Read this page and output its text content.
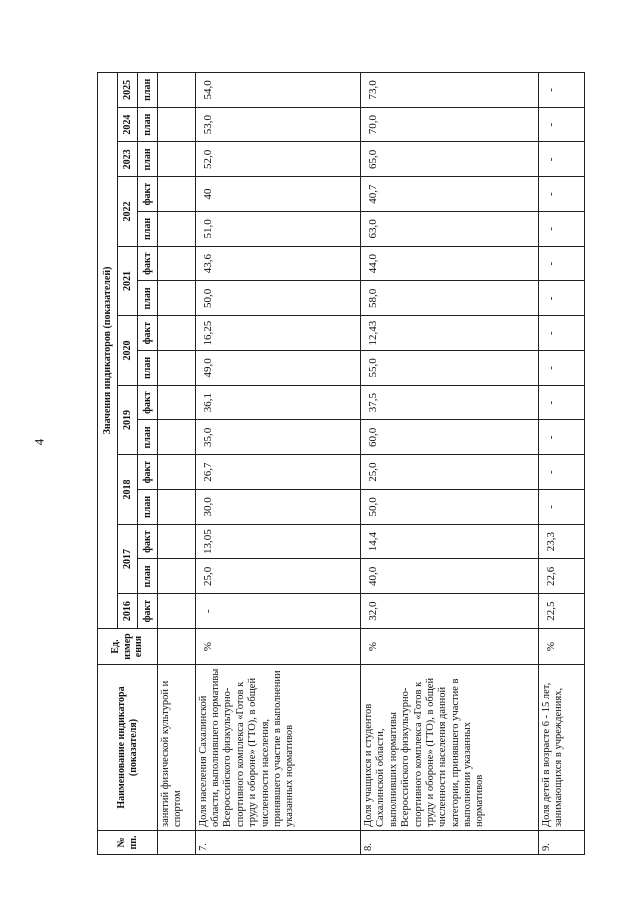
4
№ пп.	Наименование индикатора (показателя)	Ед. измер ения	Значения индикаторов (показателей)															
			2016	2017		2018		2019		2020		2021		2022		2023	2024	2025
			факт	план	факт	план	факт	план	факт	план	факт	план	факт	план	факт	план	план	план
	занятий физической культурой и спортом																	
7.	Доля населения Сахалинской области, выполнившего нормативы Всероссийского физкультурно-спортивного комплекса «Готов к труду и обороне» (ГТО), в общей численности населения, принявшего участие в выполнении указанных нормативов	%	-	25,0	13,05	30,0	26,7	35,0	36,1	49,0	16,25	50,0	43,6	51,0	40	52,0	53,0	54,0
8.	Доля учащихся и студентов Сахалинской области, выполнивших нормативы Всероссийского физкультурно-спортивного комплекса «Готов к труду и обороне» (ГТО), в общей численности населения данной категории, принявшего участие в выполнении указанных нормативов	%	32,0	40,0	14,4	50,0	25,0	60,0	37,5	55,0	12,43	58,0	44,0	63,0	40,7	65,0	70,0	73,0
9.	Доля детей в возрасте 6 - 15 лет, занимающихся в учреждениях,	%	22,5	22,6	23,3	-	-	-	-	-	-	-	-	-	-	-	-	-
